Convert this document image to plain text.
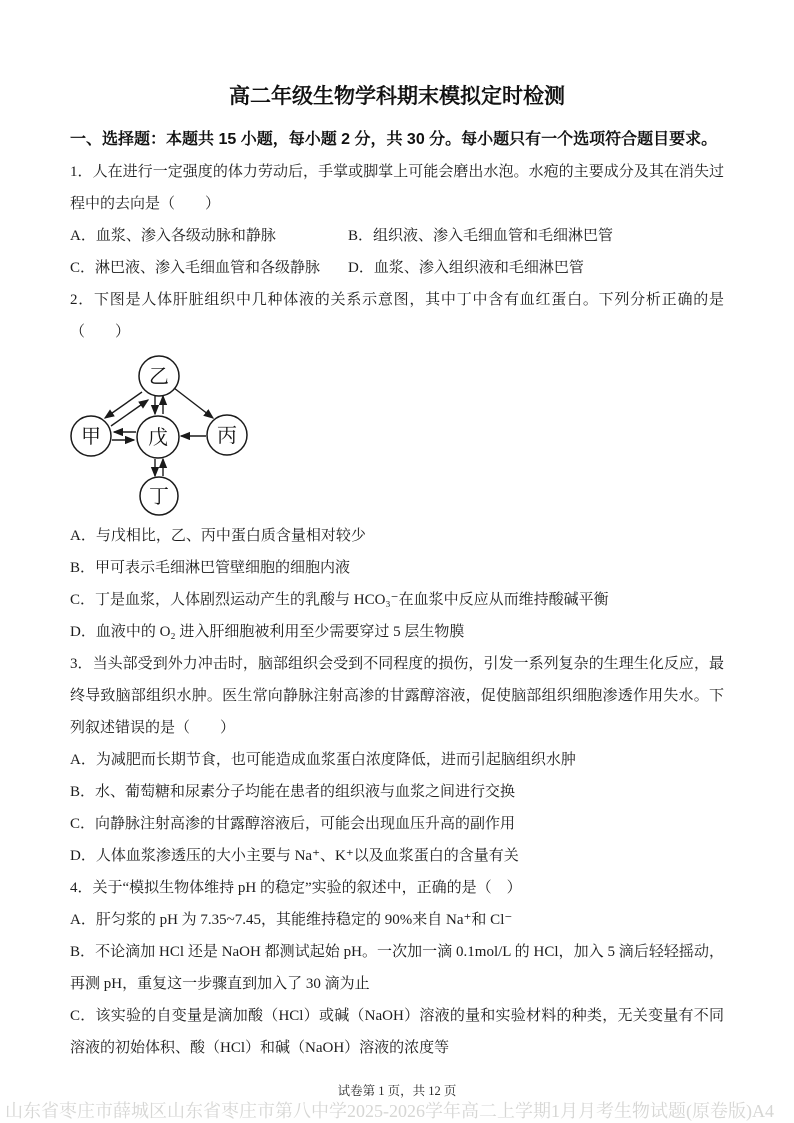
高二年级生物学科期末模拟定时检测
一、选择题：本题共 15 小题，每小题 2 分，共 30 分。每小题只有一个选项符合题目要求。
1．人在进行一定强度的体力劳动后，手掌或脚掌上可能会磨出水泡。水疱的主要成分及其在消失过程中的去向是（　　）
A．血浆、渗入各级动脉和静脉	B．组织液、渗入毛细血管和毛细淋巴管
C．淋巴液、渗入毛细血管和各级静脉	D．血浆、渗入组织液和毛细淋巴管
2．下图是人体肝脏组织中几种体液的关系示意图，其中丁中含有血红蛋白。下列分析正确的是（　　）
乙
甲 戊 丙
丁
A．与戊相比，乙、丙中蛋白质含量相对较少
B．甲可表示毛细淋巴管壁细胞的细胞内液
C．丁是血浆，人体剧烈运动产生的乳酸与 HCO₃⁻在血浆中反应从而维持酸碱平衡
D．血液中的 O₂ 进入肝细胞被利用至少需要穿过 5 层生物膜
3．当头部受到外力冲击时，脑部组织会受到不同程度的损伤，引发一系列复杂的生理生化反应，最终导致脑部组织水肿。医生常向静脉注射高渗的甘露醇溶液，促使脑部组织细胞渗透作用失水。下列叙述错误的是（　　）
A．为减肥而长期节食，也可能造成血浆蛋白浓度降低，进而引起脑组织水肿
B．水、葡萄糖和尿素分子均能在患者的组织液与血浆之间进行交换
C．向静脉注射高渗的甘露醇溶液后，可能会出现血压升高的副作用
D．人体血浆渗透压的大小主要与 Na⁺、K⁺以及血浆蛋白的含量有关
4．关于“模拟生物体维持 pH 的稳定”实验的叙述中，正确的是（　）
A．肝匀浆的 pH 为 7.35~7.45，其能维持稳定的 90%来自 Na⁺和 Cl⁻
B．不论滴加 HCl 还是 NaOH 都测试起始 pH。一次加一滴 0.1mol/L 的 HCl，加入 5 滴后轻轻摇动，再测 pH，重复这一步骤直到加入了 30 滴为止
C．该实验的自变量是滴加酸（HCl）或碱（NaOH）溶液的量和实验材料的种类，无关变量有不同溶液的初始体积、酸（HCl）和碱（NaOH）溶液的浓度等
试卷第 1 页，共 12 页
山东省枣庄市薛城区山东省枣庄市第八中学2025-2026学年高二上学期1月月考生物试题(原卷版)A4
